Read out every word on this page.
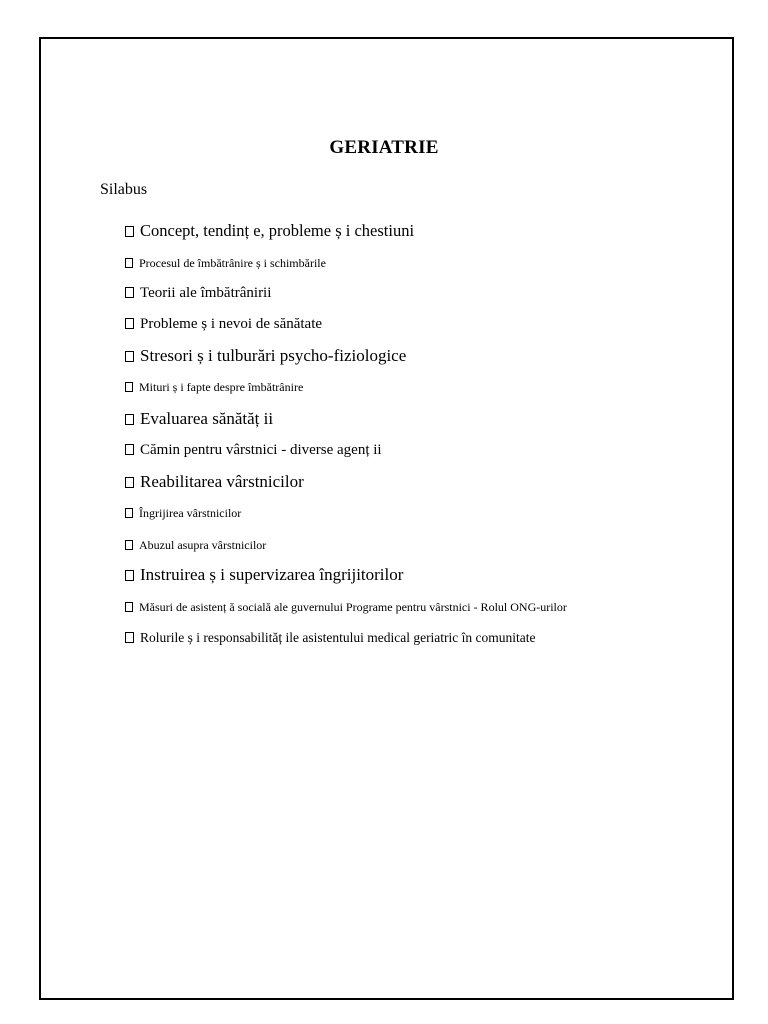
GERIATRIE
Silabus
Concept, tendinț e, probleme ș i chestiuni
Procesul de îmbătrânire ș i schimbările
Teorii ale îmbătrânirii
Probleme ș i nevoi de sănătate
Stresori ș i tulburări psycho-fiziologice
Mituri ș i fapte despre îmbătrânire
Evaluarea sănătăț ii
Cămin pentru vârstnici - diverse agenț ii
Reabilitarea vârstnicilor
Îngrijirea vârstnicilor
Abuzul asupra vârstnicilor
Instruirea ș i supervizarea îngrijitorilor
Măsuri de asistenț ă socială ale guvernului Programe pentru vârstnici - Rolul ONG-urilor
Rolurile ș i responsabilităț ile asistentului medical geriatric în comunitate
